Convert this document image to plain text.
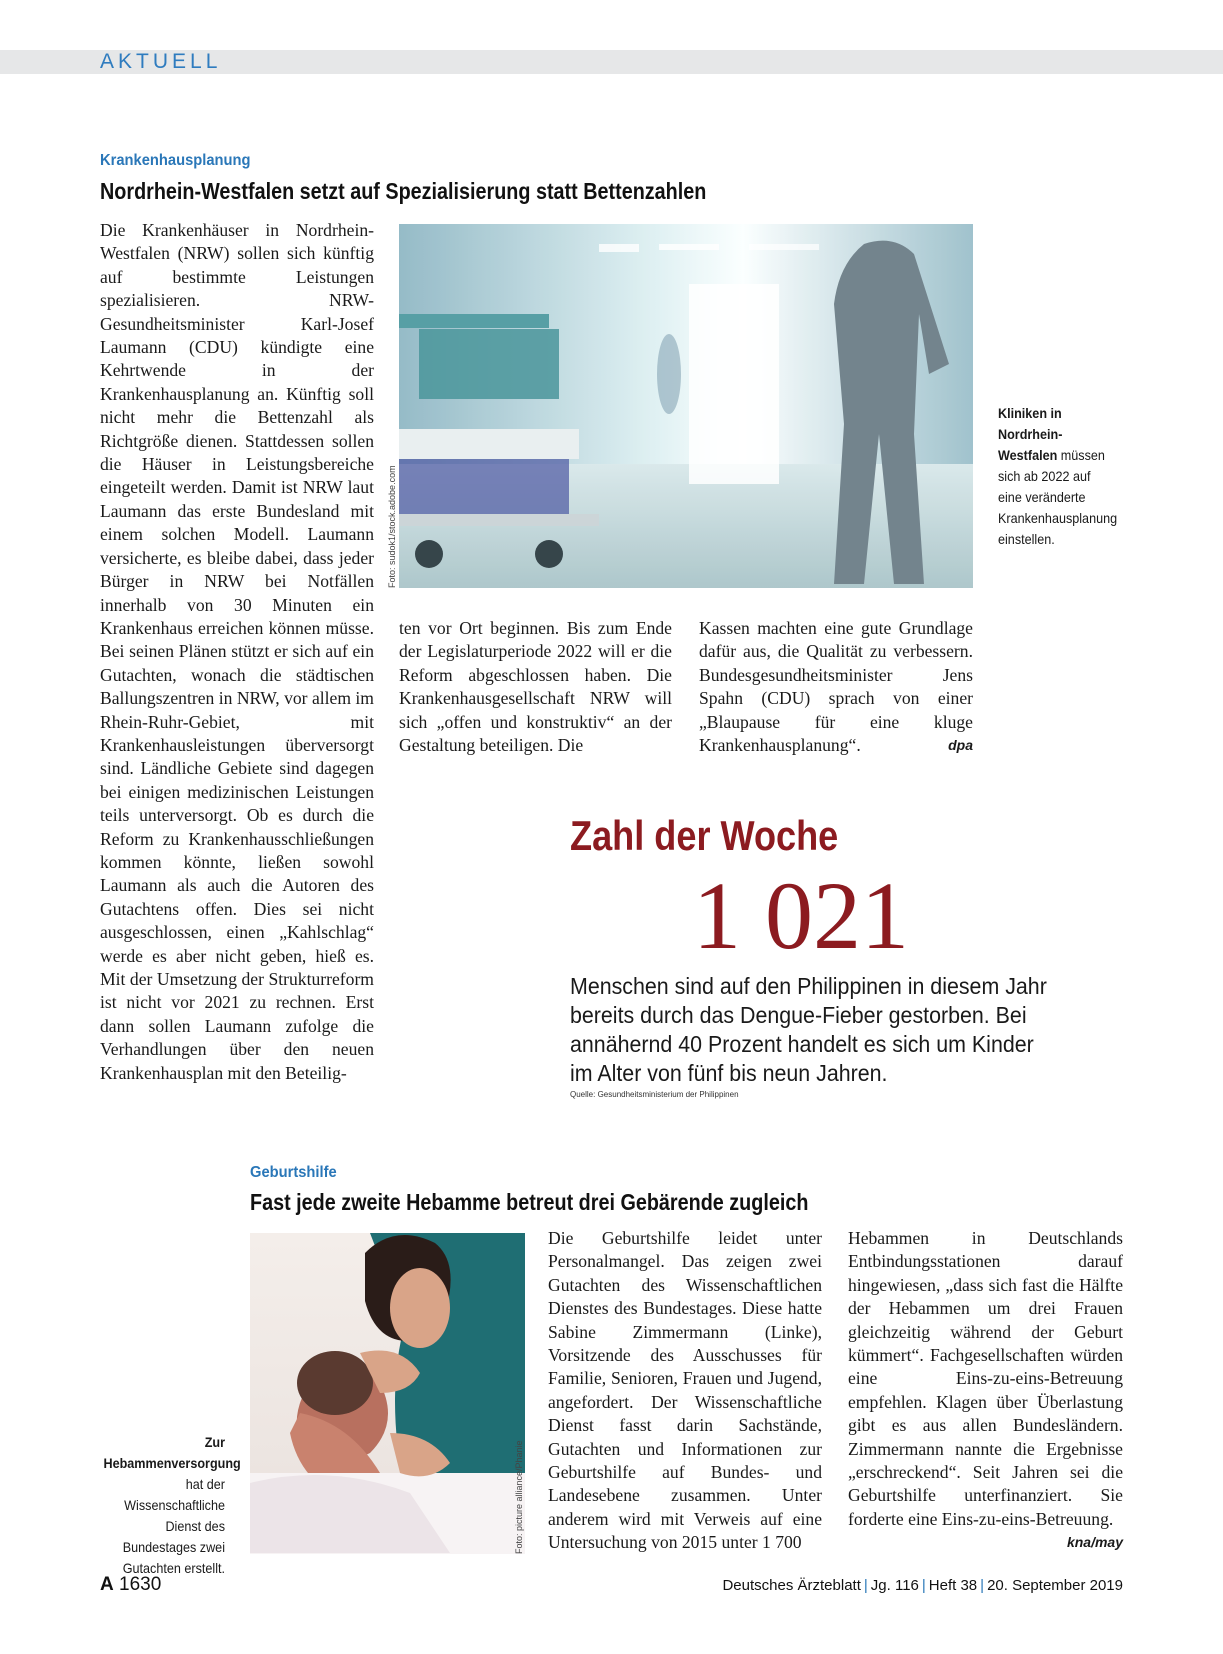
AKTUELL
Krankenhausplanung
Nordrhein-Westfalen setzt auf Spezialisierung statt Bettenzahlen

Die Krankenhäuser in Nordrhein-Westfalen (NRW) sollen sich künftig auf bestimmte Leistungen spezialisieren. NRW-Gesundheitsminister Karl-Josef Laumann (CDU) kündigte eine Kehrtwende in der Krankenhausplanung an. Künftig soll nicht mehr die Bettenzahl als Richtgröße dienen. Stattdessen sollen die Häuser in Leistungsbereiche eingeteilt werden. Damit ist NRW laut Laumann das erste Bundesland mit einem solchen Modell. Laumann versicherte, es bleibe dabei, dass jeder Bürger in NRW bei Notfällen innerhalb von 30 Minuten ein Krankenhaus erreichen können müsse. Bei seinen Plänen stützt er sich auf ein Gutachten, wonach die städtischen Ballungszentren in NRW, vor allem im Rhein-Ruhr-Gebiet, mit Krankenhausleistungen überversorgt sind. Ländliche Gebiete sind dagegen bei einigen medizinischen Leistungen teils unterversorgt. Ob es durch die Reform zu Krankenhausschließungen kommen könnte, ließen sowohl Laumann als auch die Autoren des Gutachtens offen. Dies sei nicht ausgeschlossen, einen „Kahlschlag“ werde es aber nicht geben, hieß es. Mit der Umsetzung der Strukturreform ist nicht vor 2021 zu rechnen. Erst dann sollen Laumann zufolge die Verhandlungen über den neuen Krankenhausplan mit den Beteilig-

Foto: sudok1/stock.adobe.com
Kliniken in Nordrhein-Westfalen müssen sich ab 2022 auf eine veränderte Krankenhausplanung einstellen.

ten vor Ort beginnen. Bis zum Ende der Legislaturperiode 2022 will er die Reform abgeschlossen haben. Die Krankenhausgesellschaft NRW will sich „offen und konstruktiv“ an der Gestaltung beteiligen. Die

Kassen machten eine gute Grundlage dafür aus, die Qualität zu verbessern. Bundesgesundheitsminister Jens Spahn (CDU) sprach von einer „Blaupause für eine kluge Krankenhausplanung“.	dpa

Zahl der Woche
1 021
Menschen sind auf den Philippinen in diesem Jahr bereits durch das Dengue-Fieber gestorben. Bei annähernd 40 Prozent handelt es sich um Kinder im Alter von fünf bis neun Jahren.
Quelle: Gesundheitsministerium der Philippinen
Geburtshilfe
Fast jede zweite Hebamme betreut drei Gebärende zugleich
Zur Hebammenversorgung hat der Wissenschaftliche Dienst des Bundestages zwei Gutachten erstellt.
Foto: picture alliance/Phanie

Die Geburtshilfe leidet unter Personalmangel. Das zeigen zwei Gutachten des Wissenschaftlichen Dienstes des Bundestages. Diese hatte Sabine Zimmermann (Linke), Vorsitzende des Ausschusses für Familie, Senioren, Frauen und Jugend, angefordert. Der Wissenschaftliche Dienst fasst darin Sachstände, Gutachten und Informationen zur Geburtshilfe auf Bundes- und Landesebene zusammen. Unter anderem wird mit Verweis auf eine Untersuchung von 2015 unter 1 700

Hebammen in Deutschlands Entbindungsstationen darauf hingewiesen, „dass sich fast die Hälfte der Hebammen um drei Frauen gleichzeitig während der Geburt kümmert“. Fachgesellschaften würden eine Eins-zu-eins-Betreuung empfehlen. Klagen über Überlastung gibt es aus allen Bundesländern. Zimmermann nannte die Ergebnisse „erschreckend“. Seit Jahren sei die Geburtshilfe unterfinanziert. Sie forderte eine Eins-zu-eins-Betreuung.
kna/may

A 1630	Deutsches Ärzteblatt | Jg. 116 | Heft 38 | 20. September 2019
